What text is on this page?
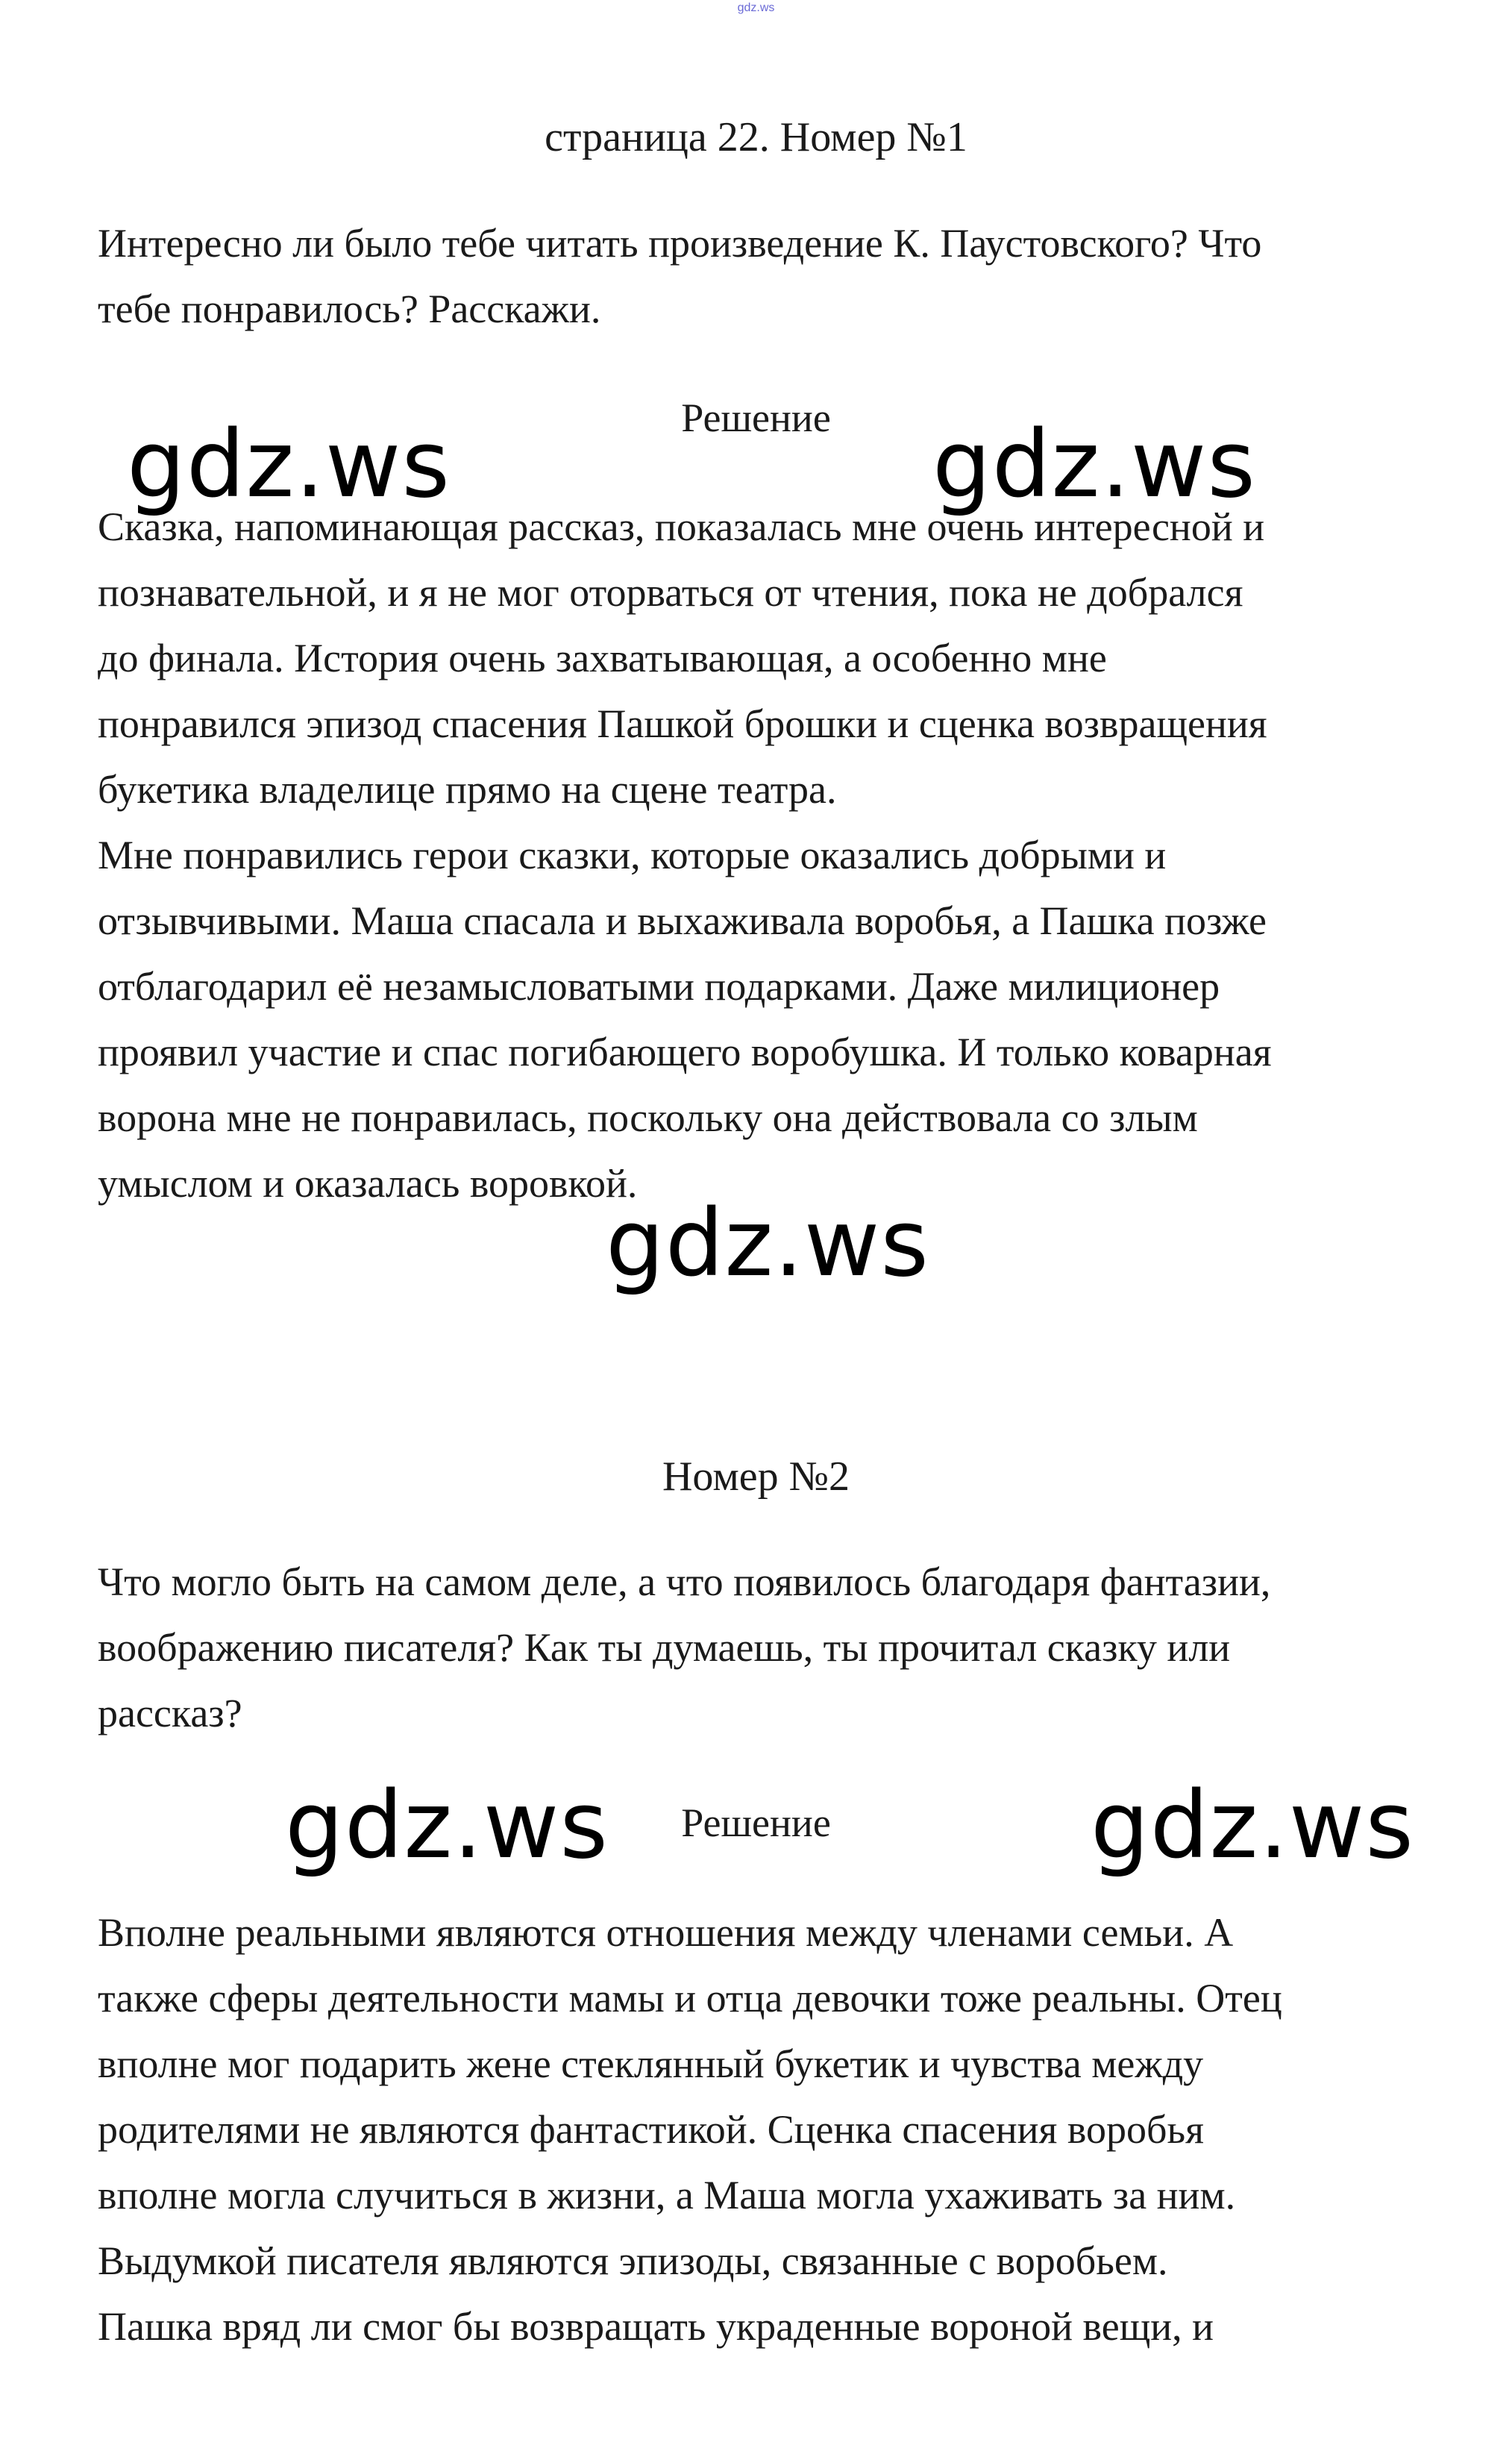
gdz.ws
страница 22. Номер №1

Интересно ли было тебе читать произведение К. Паустовского? Что

тебе понравилось? Расскажи.

Решение

Сказка, напоминающая рассказ, показалась мне очень интересной и

познавательной, и я не мог оторваться от чтения, пока не добрался

до финала. История очень захватывающая, а особенно мне

понравился эпизод спасения Пашкой брошки и сценка возвращения

букетика владелице прямо на сцене театра.

Мне понравились герои сказки, которые оказались добрыми и

отзывчивыми. Маша спасала и выхаживала воробья, а Пашка позже

отблагодарил её незамысловатыми подарками. Даже милиционер

проявил участие и спас погибающего воробушка. И только коварная

ворона мне не понравилась, поскольку она действовала со злым

умыслом и оказалась воровкой.

Номер №2

Что могло быть на самом деле, а что появилось благодаря фантазии,

воображению писателя? Как ты думаешь, ты прочитал сказку или

рассказ?

Решение

Вполне реальными являются отношения между членами семьи. А

также сферы деятельности мамы и отца девочки тоже реальны. Отец

вполне мог подарить жене стеклянный букетик и чувства между

родителями не являются фантастикой. Сценка спасения воробья

вполне могла случиться в жизни, а Маша могла ухаживать за ним.

Выдумкой писателя являются эпизоды, связанные с воробьем.

Пашка вряд ли смог бы возвращать украденные вороной вещи, и

gdz.ws	gdz.ws
gdz.ws
gdz.ws	gdz.ws
